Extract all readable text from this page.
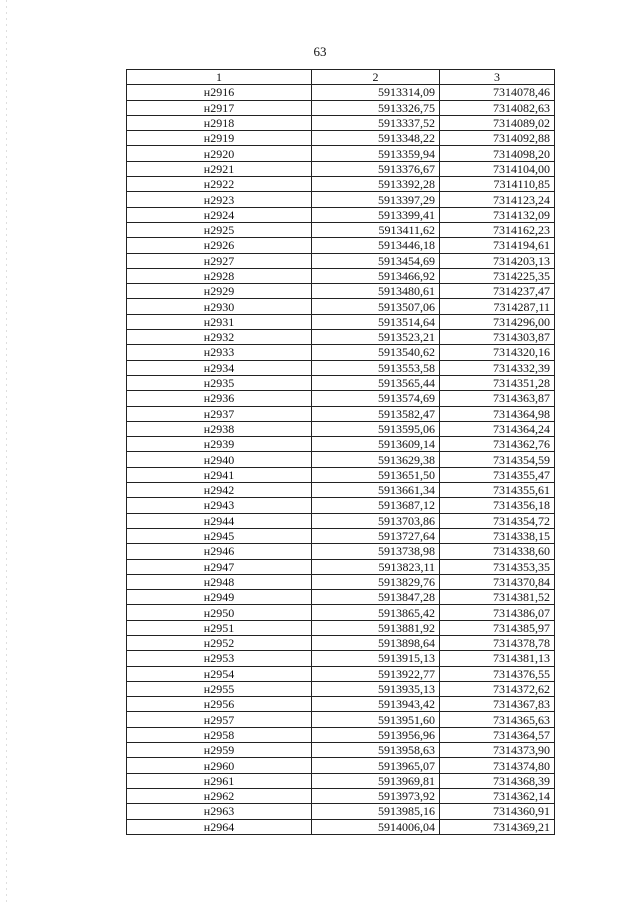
63
1	2	3
н2916	5913314,09	7314078,46
н2917	5913326,75	7314082,63
н2918	5913337,52	7314089,02
н2919	5913348,22	7314092,88
н2920	5913359,94	7314098,20
н2921	5913376,67	7314104,00
н2922	5913392,28	7314110,85
н2923	5913397,29	7314123,24
н2924	5913399,41	7314132,09
н2925	5913411,62	7314162,23
н2926	5913446,18	7314194,61
н2927	5913454,69	7314203,13
н2928	5913466,92	7314225,35
н2929	5913480,61	7314237,47
н2930	5913507,06	7314287,11
н2931	5913514,64	7314296,00
н2932	5913523,21	7314303,87
н2933	5913540,62	7314320,16
н2934	5913553,58	7314332,39
н2935	5913565,44	7314351,28
н2936	5913574,69	7314363,87
н2937	5913582,47	7314364,98
н2938	5913595,06	7314364,24
н2939	5913609,14	7314362,76
н2940	5913629,38	7314354,59
н2941	5913651,50	7314355,47
н2942	5913661,34	7314355,61
н2943	5913687,12	7314356,18
н2944	5913703,86	7314354,72
н2945	5913727,64	7314338,15
н2946	5913738,98	7314338,60
н2947	5913823,11	7314353,35
н2948	5913829,76	7314370,84
н2949	5913847,28	7314381,52
н2950	5913865,42	7314386,07
н2951	5913881,92	7314385,97
н2952	5913898,64	7314378,78
н2953	5913915,13	7314381,13
н2954	5913922,77	7314376,55
н2955	5913935,13	7314372,62
н2956	5913943,42	7314367,83
н2957	5913951,60	7314365,63
н2958	5913956,96	7314364,57
н2959	5913958,63	7314373,90
н2960	5913965,07	7314374,80
н2961	5913969,81	7314368,39
н2962	5913973,92	7314362,14
н2963	5913985,16	7314360,91
н2964	5914006,04	7314369,21
